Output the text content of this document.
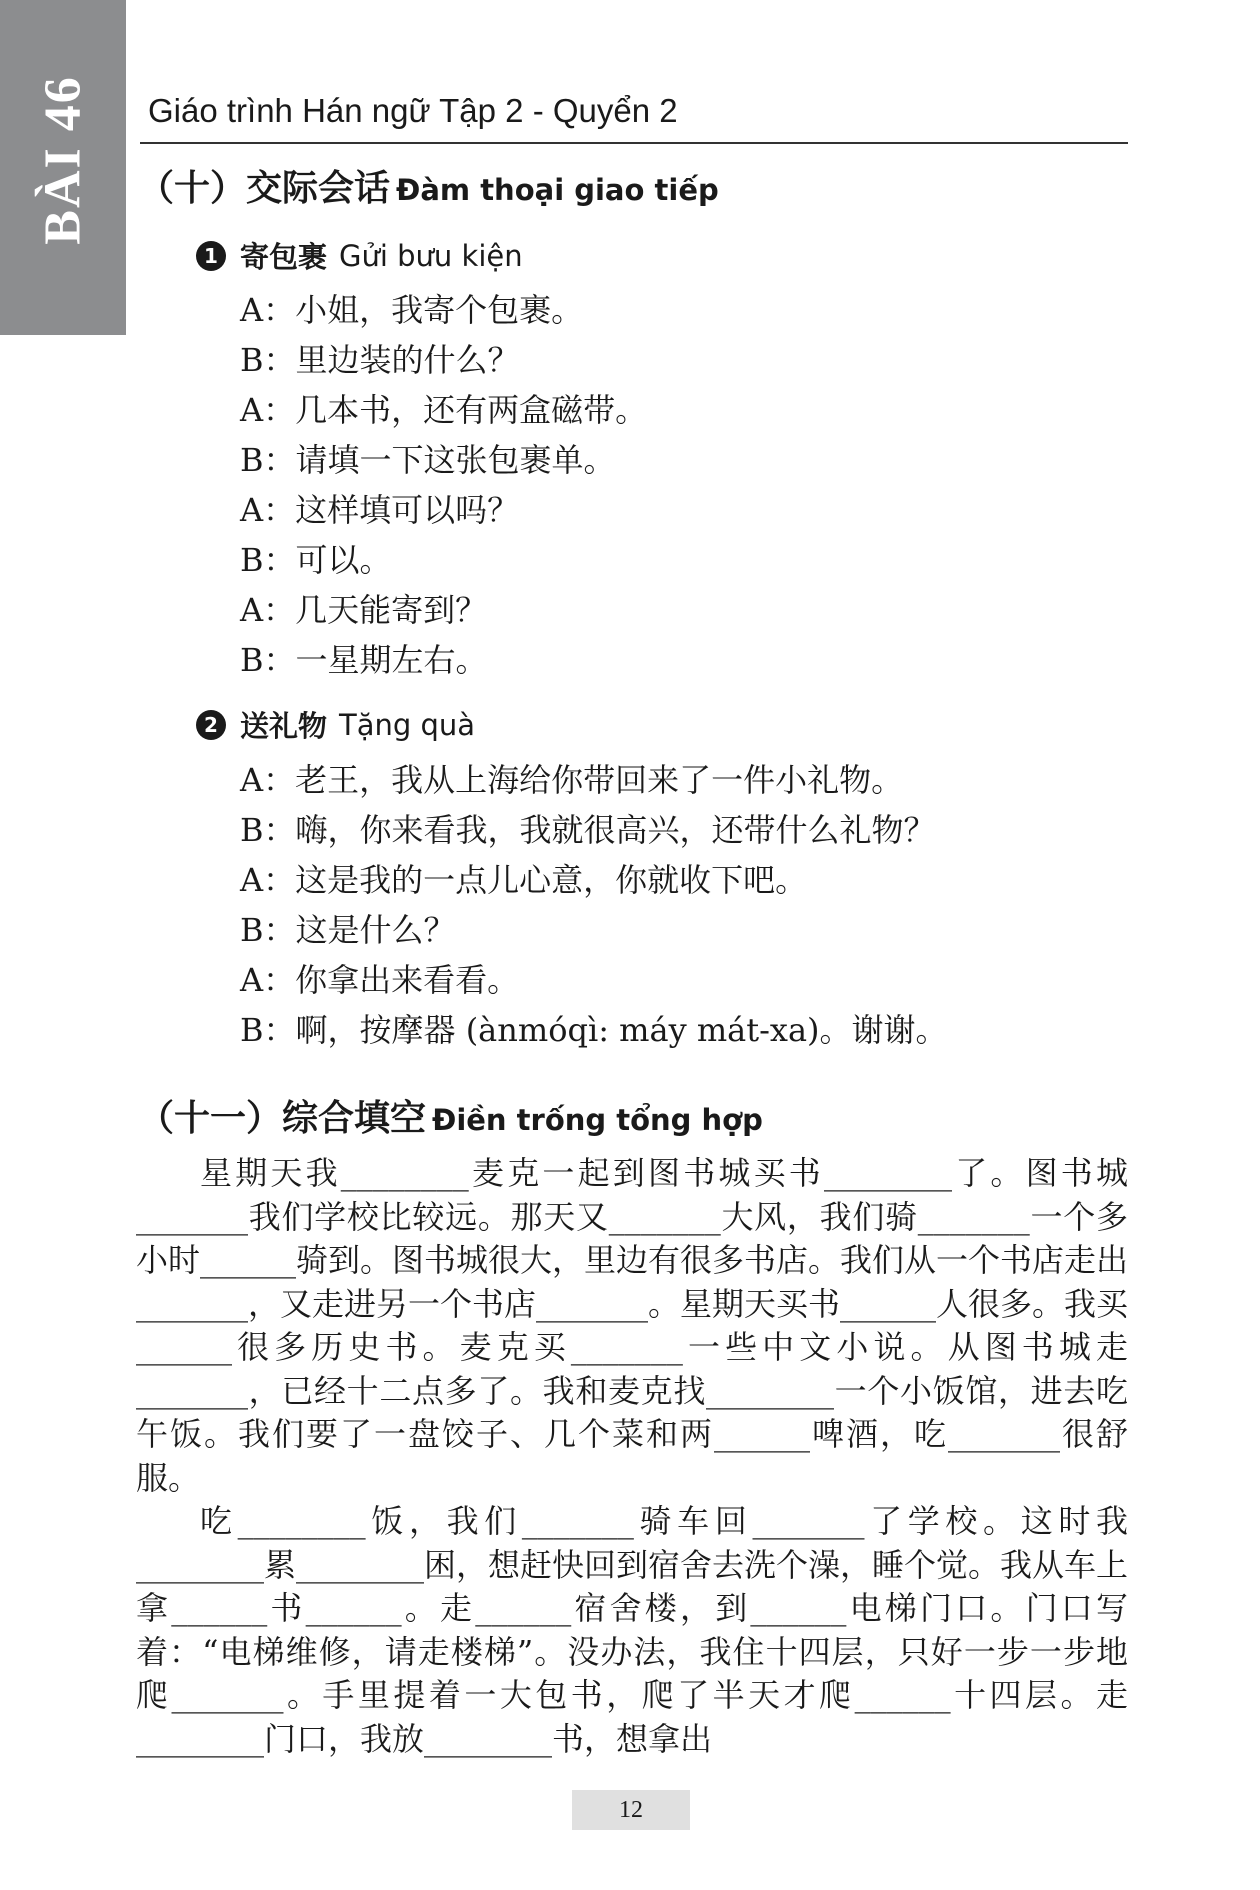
BÀI 46 Giáo trình Hán ngữ Tập 2 - Quyển 2
（十）交际会话 Đàm thoại giao tiếp
1 寄包裹 Gửi bưu kiện
A：小姐，我寄个包裹。
B：里边装的什么？
A：几本书，还有两盒磁带。
B：请填一下这张包裹单。
A：这样填可以吗？
B：可以。
A：几天能寄到？
B：一星期左右。
2 送礼物 Tặng quà
A：老王，我从上海给你带回来了一件小礼物。
B：嗨，你来看我，我就很高兴，还带什么礼物？
A：这是我的一点儿心意，你就收下吧。
B：这是什么？
A：你拿出来看看。
B：啊，按摩器 (ànmóqì: máy mát-xa)。谢谢。
（十一）综合填空 Điền trống tổng hợp

星期天我________麦克一起到图书城买书________了。图书城_______我们学校比较远。那天又_______大风，我们骑_______一个多小时______骑到。图书城很大，里边有很多书店。我们从一个书店走出_______，又走进另一个书店_______。星期天买书______人很多。我买______很多历史书。麦克买_______一些中文小说。从图书城走_______，已经十二点多了。我和麦克找________一个小饭馆，进去吃午饭。我们要了一盘饺子、几个菜和两______啤酒，吃_______很舒服。

吃________饭，我们_______骑车回_______了学校。这时我________累________困，想赶快回到宿舍去洗个澡，睡个觉。我从车上拿______书______。走______宿舍楼，到______电梯门口。门口写着：“电梯维修，请走楼梯”。没办法，我住十四层，只好一步一步地爬_______。手里提着一大包书，爬了半天才爬______十四层。走________门口，我放________书，想拿出

12
